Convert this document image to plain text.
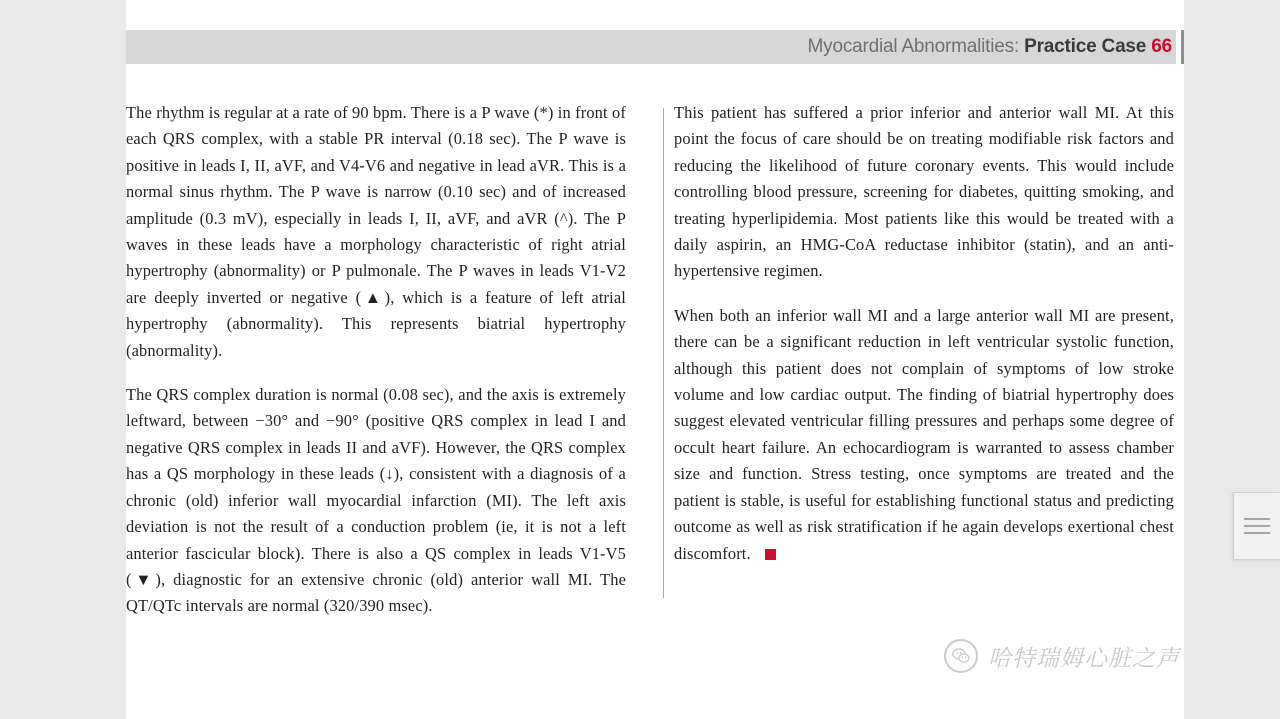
Myocardial Abnormalities: Practice Case 66

The rhythm is regular at a rate of 90 bpm. There is a P wave (*) in front of each QRS complex, with a stable PR interval (0.18 sec). The P wave is positive in leads I, II, aVF, and V4-V6 and negative in lead aVR. This is a normal sinus rhythm. The P wave is narrow (0.10 sec) and of increased amplitude (0.3 mV), especially in leads I, II, aVF, and aVR (^). The P waves in these leads have a morphology characteristic of right atrial hypertrophy (abnormality) or P pulmonale. The P waves in leads V1-V2 are deeply inverted or negative (▲), which is a feature of left atrial hypertrophy (abnormality). This represents biatrial hypertrophy (abnormality).

The QRS complex duration is normal (0.08 sec), and the axis is extremely leftward, between −30° and −90° (positive QRS complex in lead I and negative QRS complex in leads II and aVF). However, the QRS complex has a QS morphology in these leads (↓), consistent with a diagnosis of a chronic (old) inferior wall myocardial infarction (MI). The left axis deviation is not the result of a conduction problem (ie, it is not a left anterior fascicular block). There is also a QS complex in leads V1-V5 (▼), diagnostic for an extensive chronic (old) anterior wall MI. The QT/QTc intervals are normal (320/390 msec).

This patient has suffered a prior inferior and anterior wall MI. At this point the focus of care should be on treating modifiable risk factors and reducing the likelihood of future coronary events. This would include controlling blood pressure, screening for diabetes, quitting smoking, and treating hyperlipidemia. Most patients like this would be treated with a daily aspirin, an HMG-CoA reductase inhibitor (statin), and an anti-hypertensive regimen.

When both an inferior wall MI and a large anterior wall MI are present, there can be a significant reduction in left ventricular systolic function, although this patient does not complain of symptoms of low stroke volume and low cardiac output. The finding of biatrial hypertrophy does suggest elevated ventricular filling pressures and perhaps some degree of occult heart failure. An echocardiogram is warranted to assess chamber size and function. Stress testing, once symptoms are treated and the patient is stable, is useful for establishing functional status and predicting outcome as well as risk stratification if he again develops exertional chest discomfort.

哈特瑞姆心脏之声
